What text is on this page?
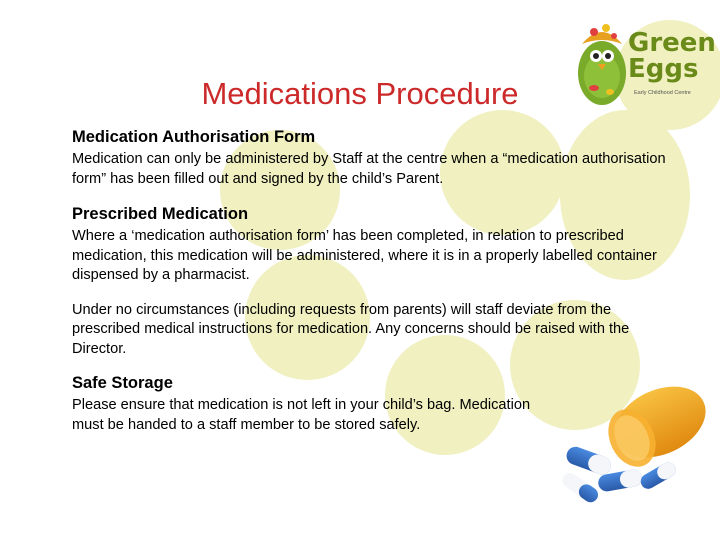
Green
Eggs
Early Childhood Centre
Medications Procedure
Medication Authorisation Form

Medication can only be administered by Staff at the centre when a “medication authorisation form” has been filled out and signed by the child’s Parent.

Prescribed Medication

Where a ‘medication authorisation form’ has been completed, in relation to prescribed medication, this medication will be administered, where it is in a properly labelled container dispensed by a pharmacist.

Under no circumstances (including requests from parents) will staff deviate from the prescribed medical instructions for medication. Any concerns should be raised with the Director.

Safe Storage

Please ensure that medication is not left in your child’s bag. Medication must be handed to a staff member to be stored safely.
